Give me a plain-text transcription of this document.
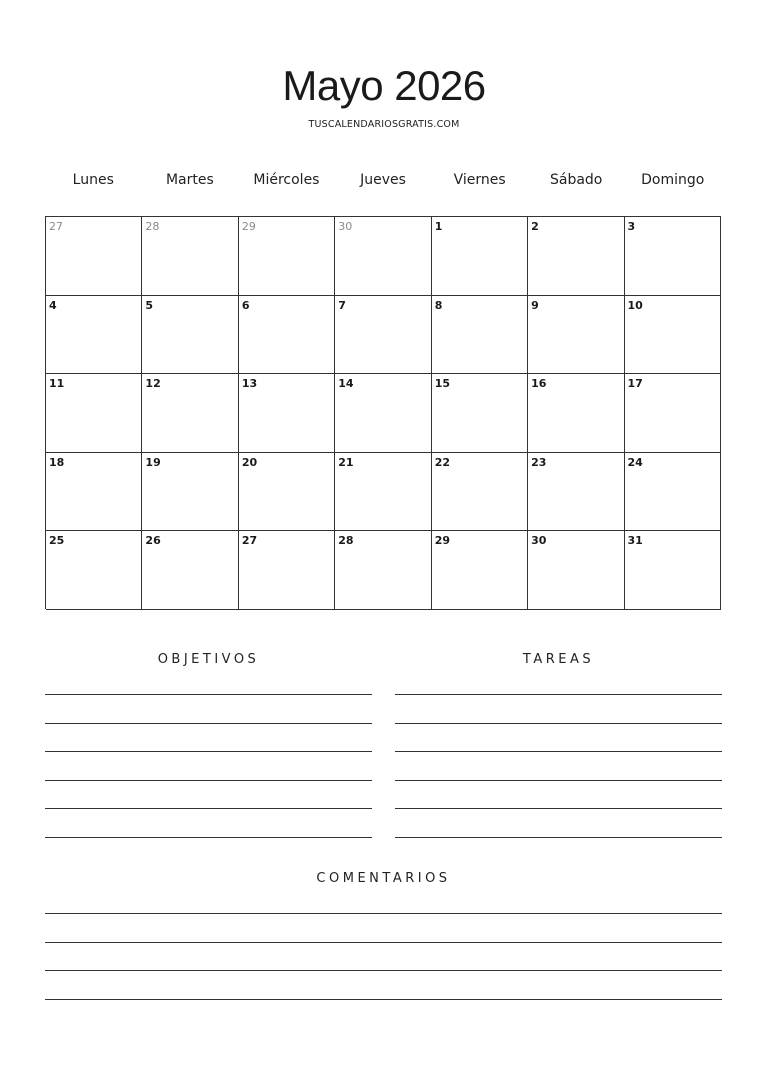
Mayo 2026
TUSCALENDARIOSGRATIS.COM
Lunes	Martes	Miércoles	Jueves	Viernes	Sábado	Domingo
27	28	29	30	1	2	3
4	5	6	7	8	9	10
11	12	13	14	15	16	17
18	19	20	21	22	23	24
25	26	27	28	29	30	31
OBJETIVOS	TAREAS
COMENTARIOS
